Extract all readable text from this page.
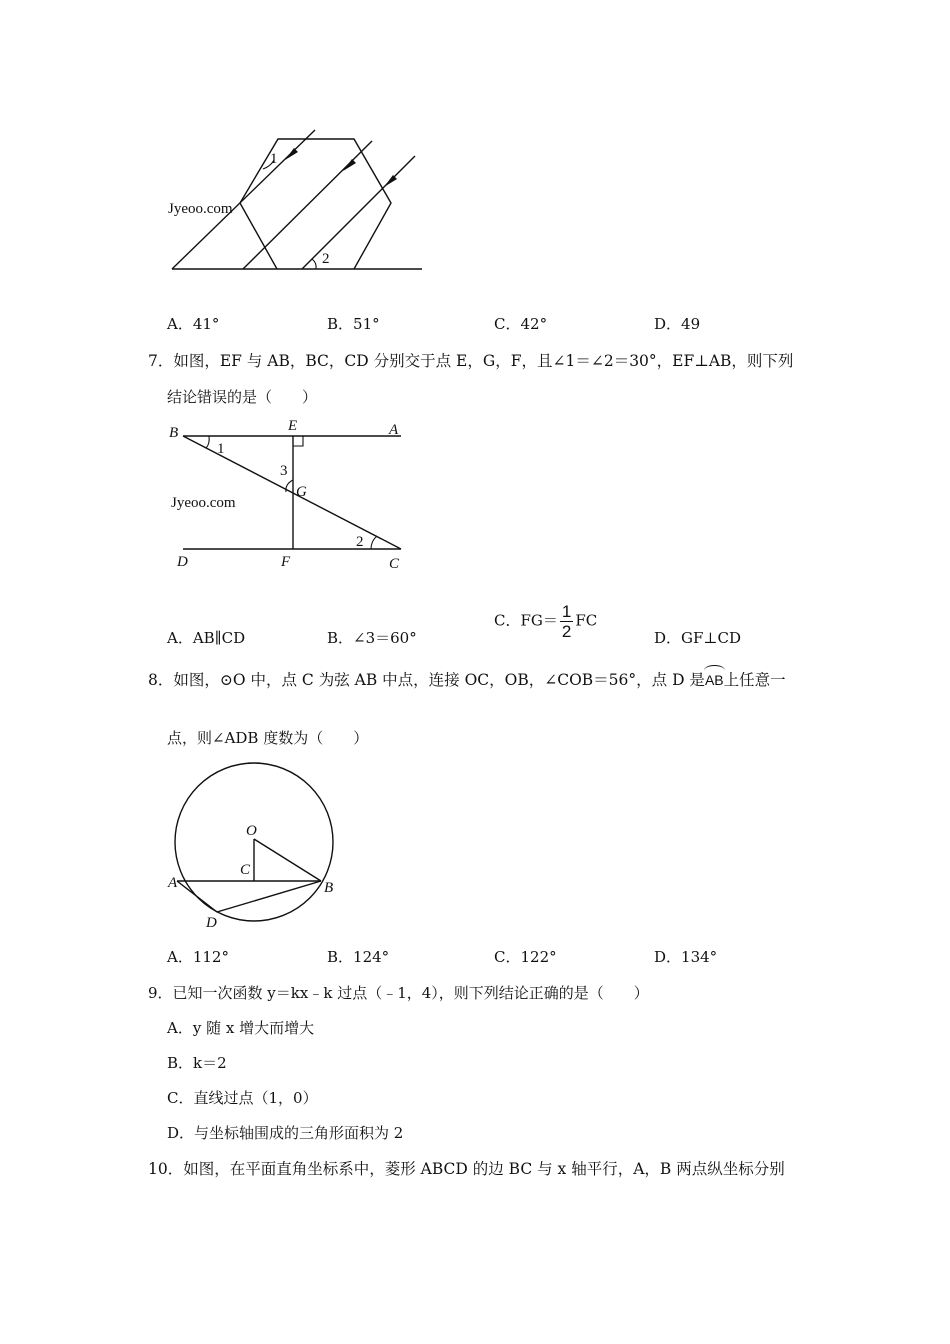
Jyeoo.com
1
2
A．41°	B．51°	C．42°	D．49
7．如图，EF 与 AB，BC，CD 分别交于点 E，G，F，且∠1＝∠2＝30°，EF⊥AB，则下列
结论错误的是（　　）
Jyeoo.com
B	E	A
1
3
G
2
D	F	C
A．AB∥CD	B．∠3＝60°
C．$FG= \frac{1}{2}$ FC
D．GF⊥CD
8．如图，⊙O 中，点 C 为弦 AB 中点，连接 OC，OB，∠COB＝56°，点 D 是AB上任意一
点，则∠ADB 度数为（　　）
O
C
A	B
D
A．112°	B．124°	C．122°	D．134°
9．已知一次函数 y＝kx﹣k 过点（﹣1，4），则下列结论正确的是（　　）
A．y 随 x 增大而增大
B．k＝2
C．直线过点（1，0）
D．与坐标轴围成的三角形面积为 2
10．如图，在平面直角坐标系中，菱形 ABCD 的边 BC 与 x 轴平行，A，B 两点纵坐标分别
